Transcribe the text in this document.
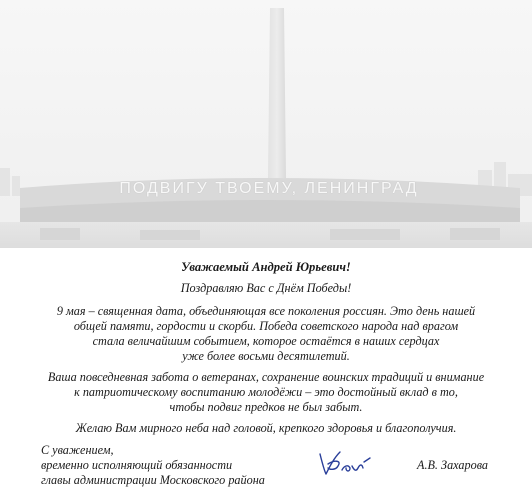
ПОДВИГУ ТВОЕМУ, ЛЕНИНГРАД
Уважаемый Андрей Юрьевич!
Поздравляю Вас с Днём Победы!
9 мая – священная дата, объединяющая все поколения россиян. Это день нашей
общей памяти, гордости и скорби. Победа советского народа над врагом
стала величайшим событием, которое остаётся в наших сердцах
уже более восьми десятилетий.
Ваша повседневная забота о ветеранах, сохранение воинских традиций и внимание
к патриотическому воспитанию молодёжи – это достойный вклад в то,
чтобы подвиг предков не был забыт.
Желаю Вам мирного неба над головой, крепкого здоровья и благополучия.
С уважением,
временно исполняющий обязанности
главы администрации Московского района
А.В. Захарова
